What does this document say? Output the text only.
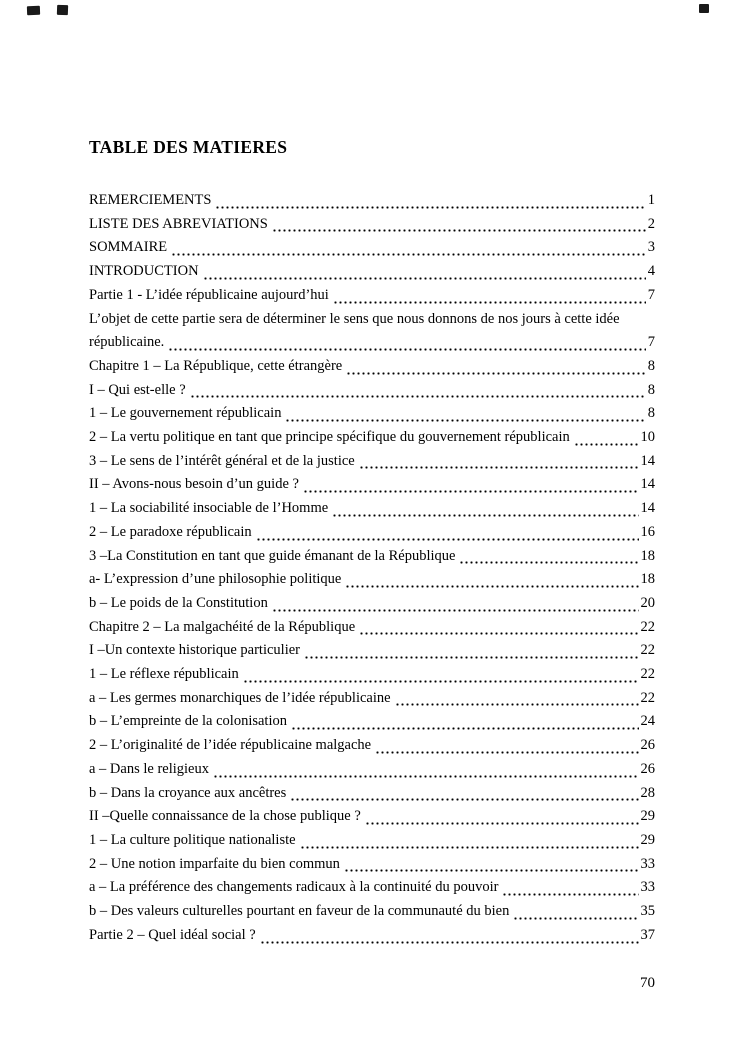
TABLE DES MATIERES
REMERCIEMENTS	1
LISTE DES ABREVIATIONS	2
SOMMAIRE	3
INTRODUCTION	4
Partie 1 - L’idée républicaine aujourd’hui	7
L’objet de cette partie sera de déterminer le sens que nous donnons de nos jours à cette idée
républicaine.	7
Chapitre 1 – La République, cette étrangère	8
I – Qui est-elle ?	8
1 – Le gouvernement républicain	8
2 – La vertu politique en tant que principe spécifique du gouvernement républicain	10
3 – Le sens de l’intérêt général et de la justice	14
II – Avons-nous besoin d’un guide ?	14
1 – La sociabilité insociable de l’Homme	14
2 – Le paradoxe républicain	16
3 –La Constitution en tant que guide émanant de la République	18
a- L’expression d’une philosophie politique	18
b – Le poids de la Constitution	20
Chapitre 2 – La malgachéité de la République	22
I –Un contexte historique particulier	22
1 – Le réflexe républicain	22
a – Les germes monarchiques de l’idée républicaine	22
b – L’empreinte de la colonisation	24
2 – L’originalité de l’idée républicaine malgache	26
a – Dans le religieux	26
b – Dans la croyance aux ancêtres	28
II –Quelle connaissance de la chose publique ?	29
1 – La culture politique nationaliste	29
2 – Une notion imparfaite du bien commun	33
a – La préférence des changements radicaux à la continuité du pouvoir	33
b – Des valeurs culturelles pourtant en faveur de la communauté du bien	35
Partie 2 – Quel idéal social ?	37
70
